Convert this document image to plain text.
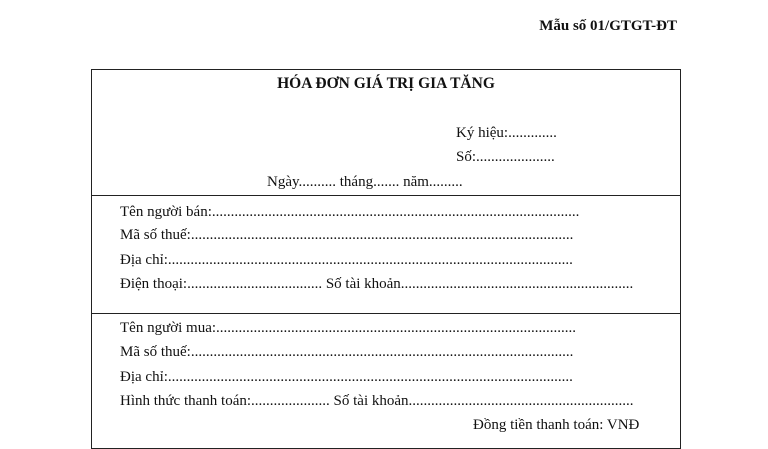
Mẫu số 01/GTGT-ĐT
HÓA ĐƠN GIÁ TRỊ GIA TĂNG
Ký hiệu:.............
Số:.....................
Ngày.......... tháng....... năm.........
Tên người bán:..................................................................................................
Mã số thuế:......................................................................................................
Địa chỉ:............................................................................................................
Điện thoại:.................................... Số tài khoản..............................................................
Tên người mua:................................................................................................
Mã số thuế:......................................................................................................
Địa chỉ:............................................................................................................
Hình thức thanh toán:..................... Số tài khoản............................................................
Đồng tiền thanh toán: VNĐ
